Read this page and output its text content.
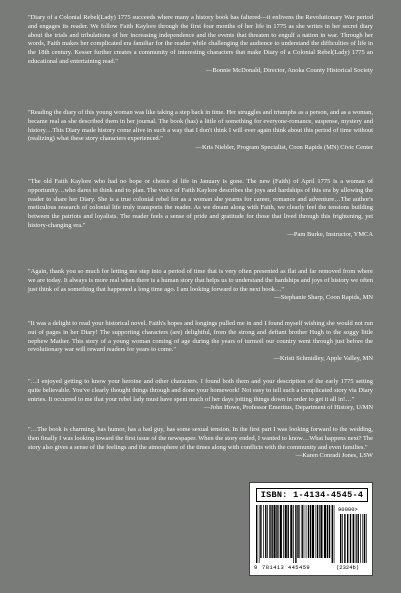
"Diary of a Colonial Rebel(Lady) 1775 succeeds where many a history book has faltered—it enlivens the Revolutionary War period and engages its reader. We follow Faith Kaylore through the first four months of her life in 1775 as she writes in her secret diary about the trials and tribulations of her increasing independence and the events that threaten to engulf a nation in war. Through her words, Faith makes her complicated era familiar for the reader while challenging the audience to understand the difficulties of life in the 18th century. Kesser further creates a community of interesting characters that make Diary of a Colonial Rebel(Lady) 1775 an educational and entertaining read."

—Bonnie McDonald, Director, Anoka County Historical Society

"Reading the diary of this young woman was like taking a step back in time. Her struggles and triumphs as a person, and as a woman, became real as she described them in her journal. The book (has) a little of something for everyone-romance, suspense, mystery and history…This Diary made history come alive in such a way that I don't think I will ever again think about this period of time without (realizing) what these story characters experienced."

—Kris Niebler, Program Specialist, Coon Rapids (MN) Civic Center

"The old Faith Kaylore who had no hope or choice of life in January is gone. The new (Faith) of April 1775 is a woman of opportunity…who dares to think and to plan. The voice of Faith Kaylore describes the joys and hardships of this era by allowing the reader to share her Diary. She is a true colonial rebel for as a woman she yearns for career, romance and adventure…The author's meticulous research of colonial life truly transports the reader. As we dream along with Faith, we clearly feel the tensions building between the patriots and loyalists. The reader feels a sense of pride and gratitude for those that lived through this frightening, yet history-changing era."

—Pam Burke, Instructor, YMCA

"Again, thank you so much for letting me step into a period of time that is very often presented as flat and far removed from where we are today. It always is more real when there is a human story that helps us to understand the hardships and joys of history we often just think of as something that happened a long time ago. I am looking forward to the next book…"

—Stephanie Sharp, Coon Rapids, MN

"It was a delight to read your historical novel. Faith's hopes and longings pulled me in and I found myself wishing she would not run out of pages in her Diary! The supporting characters (are) delightful, from the strong and defiant brother Hugh to the soggy little nephew Mather. This story of a young woman coming of age during the years of turmoil our country went through just before the revolutionary war will reward readers for years to come."

—Kristi Schmidley, Apple Valley, MN

"…I enjoyed getting to know your heroine and other characters. I found both them and your description of the early 1775 setting quite believable. You've clearly thought things through and done your homework! Not easy to tell such a complicated story via Diary entries. It occurred to me that your rebel lady must have spent much of her days jotting things down in order to get it all in!…"

—John Howe, Professor Emeritus, Department of History, U/MN

"…The book is charming, has humor, has a bad guy, has some sexual tension. In the first part I was looking forward to the wedding, then finally I was looking toward the first issue of the newspaper. When the story ended, I wanted to know…What happens next? The story also gives a sense of the feelings and the atmosphere of the times along with conflicts with the community and even families."

—Karen Conradi Jones, LSW

ISBN: 1-4134-4545-4
90000>
9 781413 445459	(2324b)
